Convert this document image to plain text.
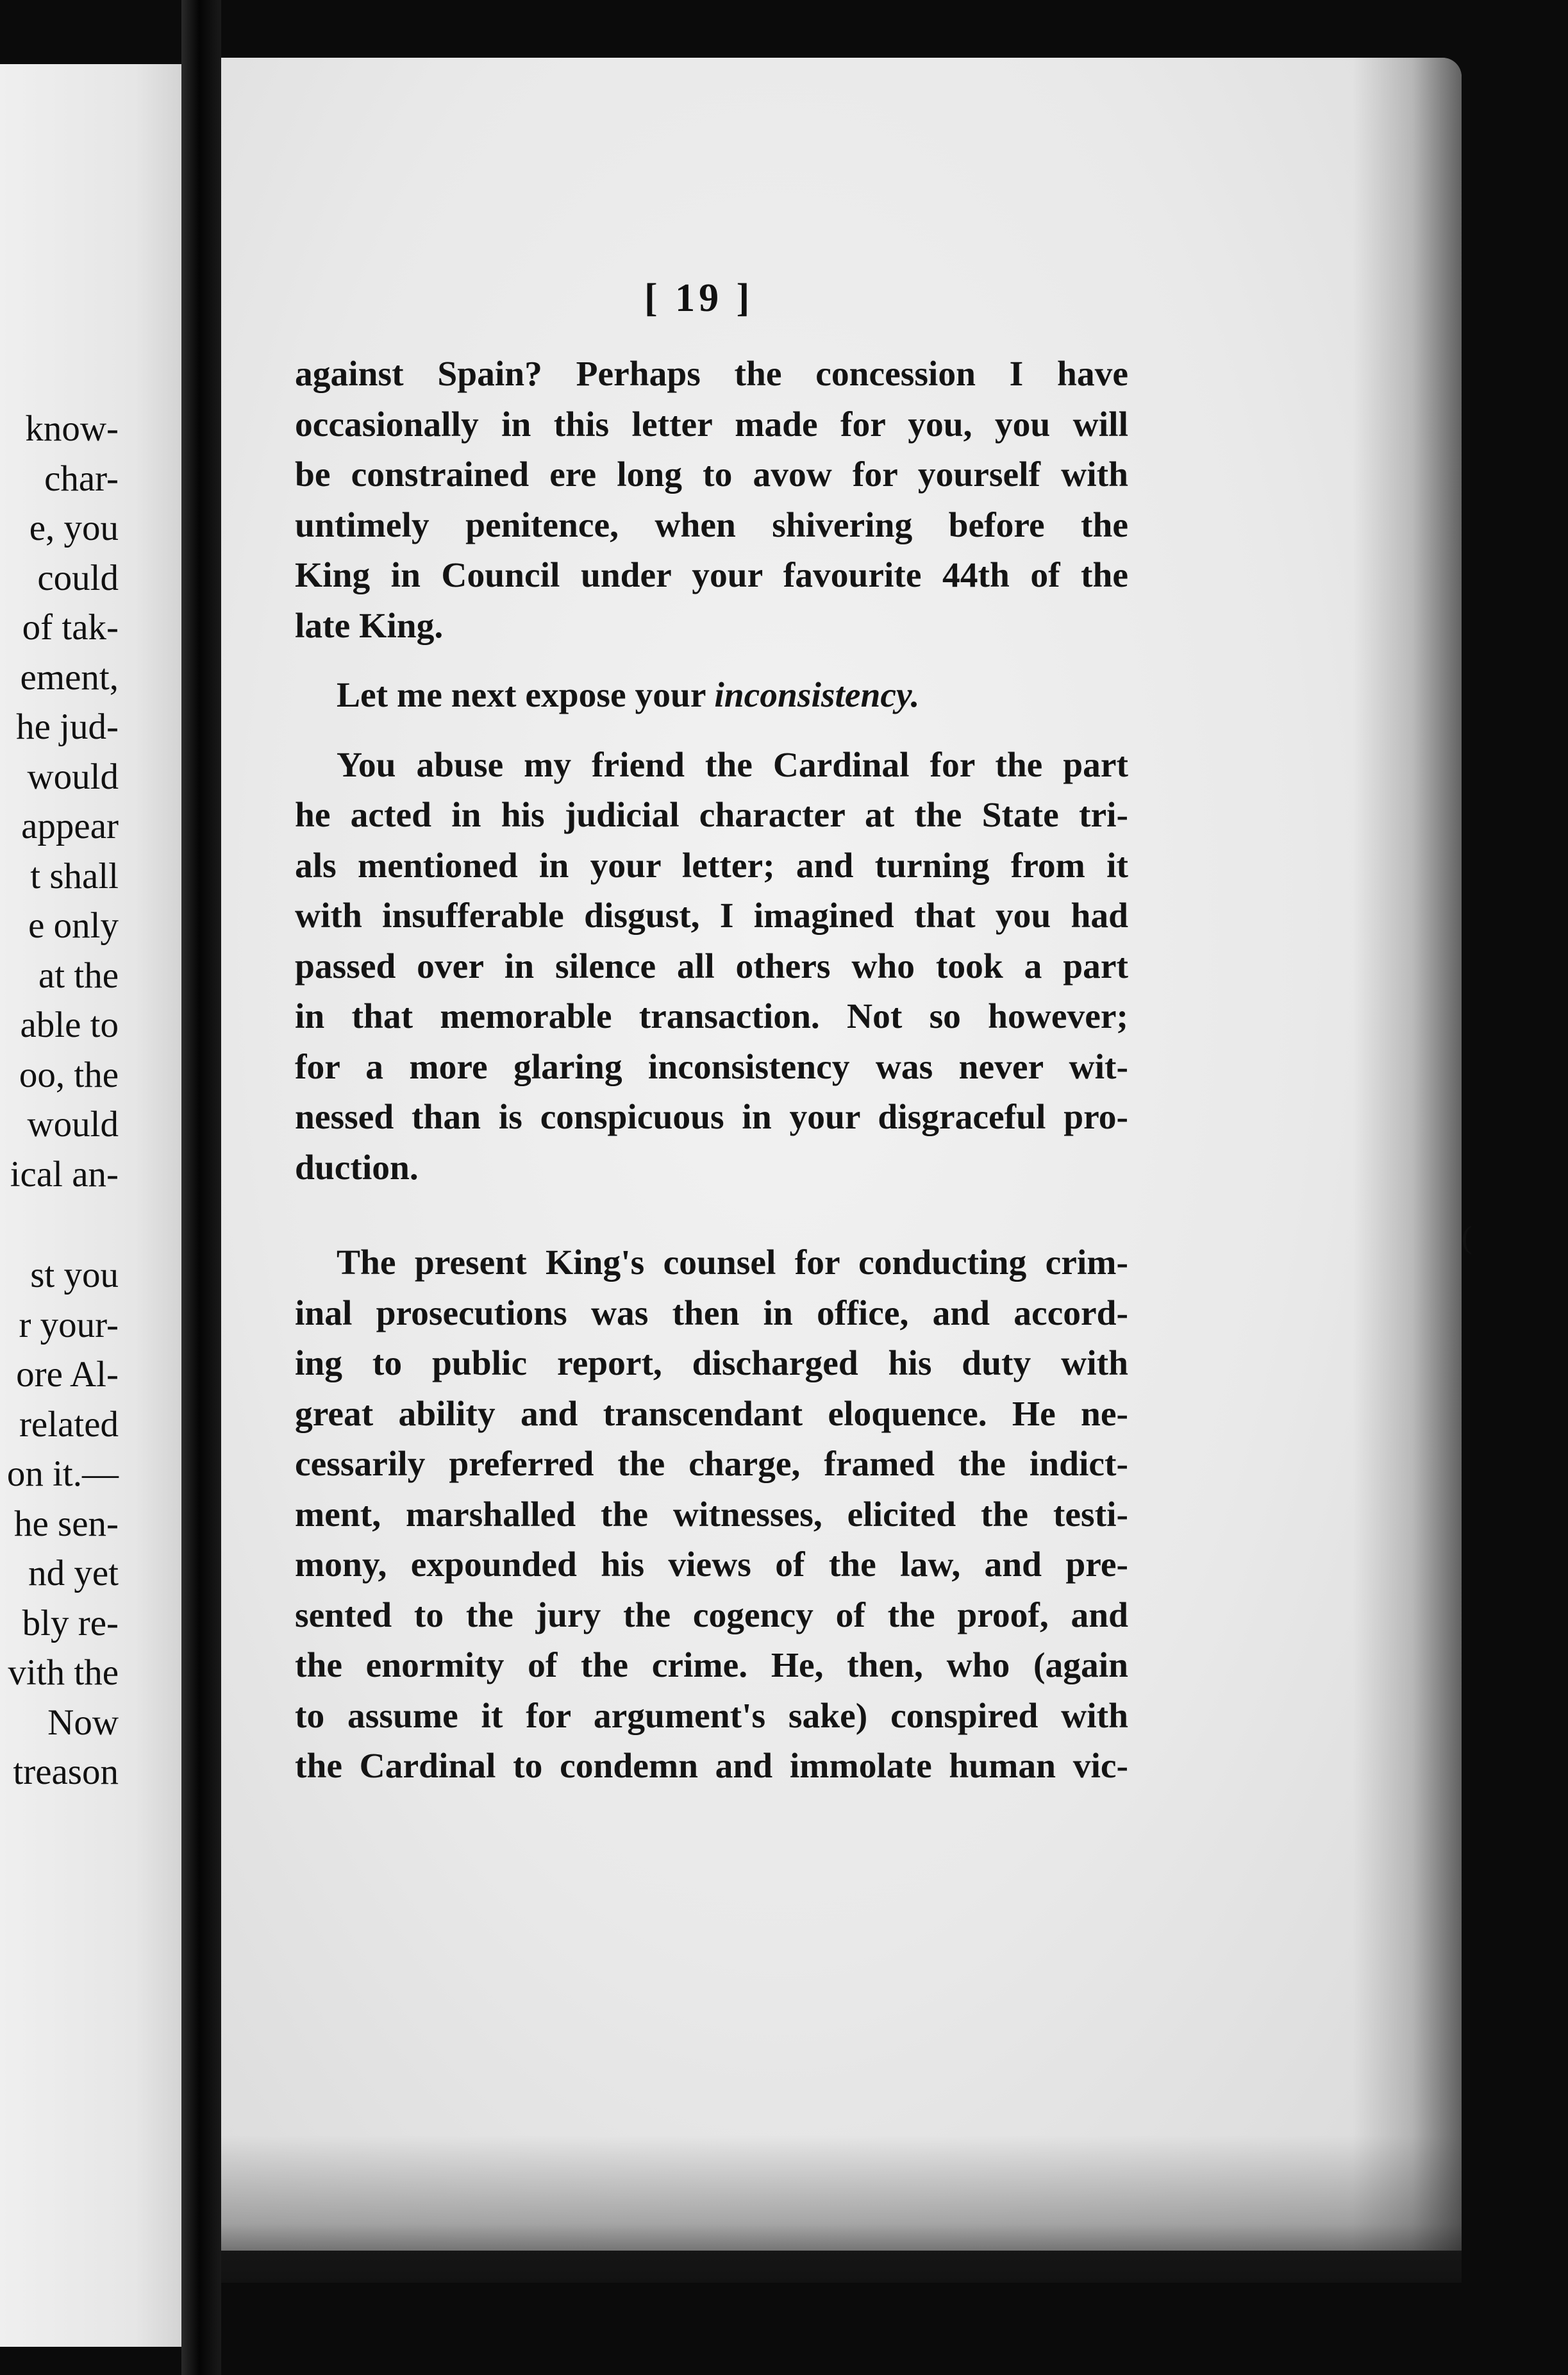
know-
char-
e, you
could
of tak-
ement,
he jud-
would
appear
t shall
e only
at the
able to
oo, the
would
ical an-
st you
r your-
ore Al-
related
on it.—
he sen-
nd yet
bly re-
vith the
Now
treason
[ 19 ]
against Spain? Perhaps the concession I have
occasionally in this letter made for you, you will
be constrained ere long to avow for yourself with
untimely penitence, when shivering before the
King in Council under your favourite 44th of the
late King.
Let me next expose your inconsistency.
You abuse my friend the Cardinal for the part
he acted in his judicial character at the State tri-
als mentioned in your letter; and turning from it
with insufferable disgust, I imagined that you had
passed over in silence all others who took a part
in that memorable transaction. Not so however;
for a more glaring inconsistency was never wit-
nessed than is conspicuous in your disgraceful pro-
duction.
The present King's counsel for conducting crim-
inal prosecutions was then in office, and accord-
ing to public report, discharged his duty with
great ability and transcendant eloquence. He ne-
cessarily preferred the charge, framed the indict-
ment, marshalled the witnesses, elicited the testi-
mony, expounded his views of the law, and pre-
sented to the jury the cogency of the proof, and
the enormity of the crime. He, then, who (again
to assume it for argument's sake) conspired with
the Cardinal to condemn and immolate human vic-
(
